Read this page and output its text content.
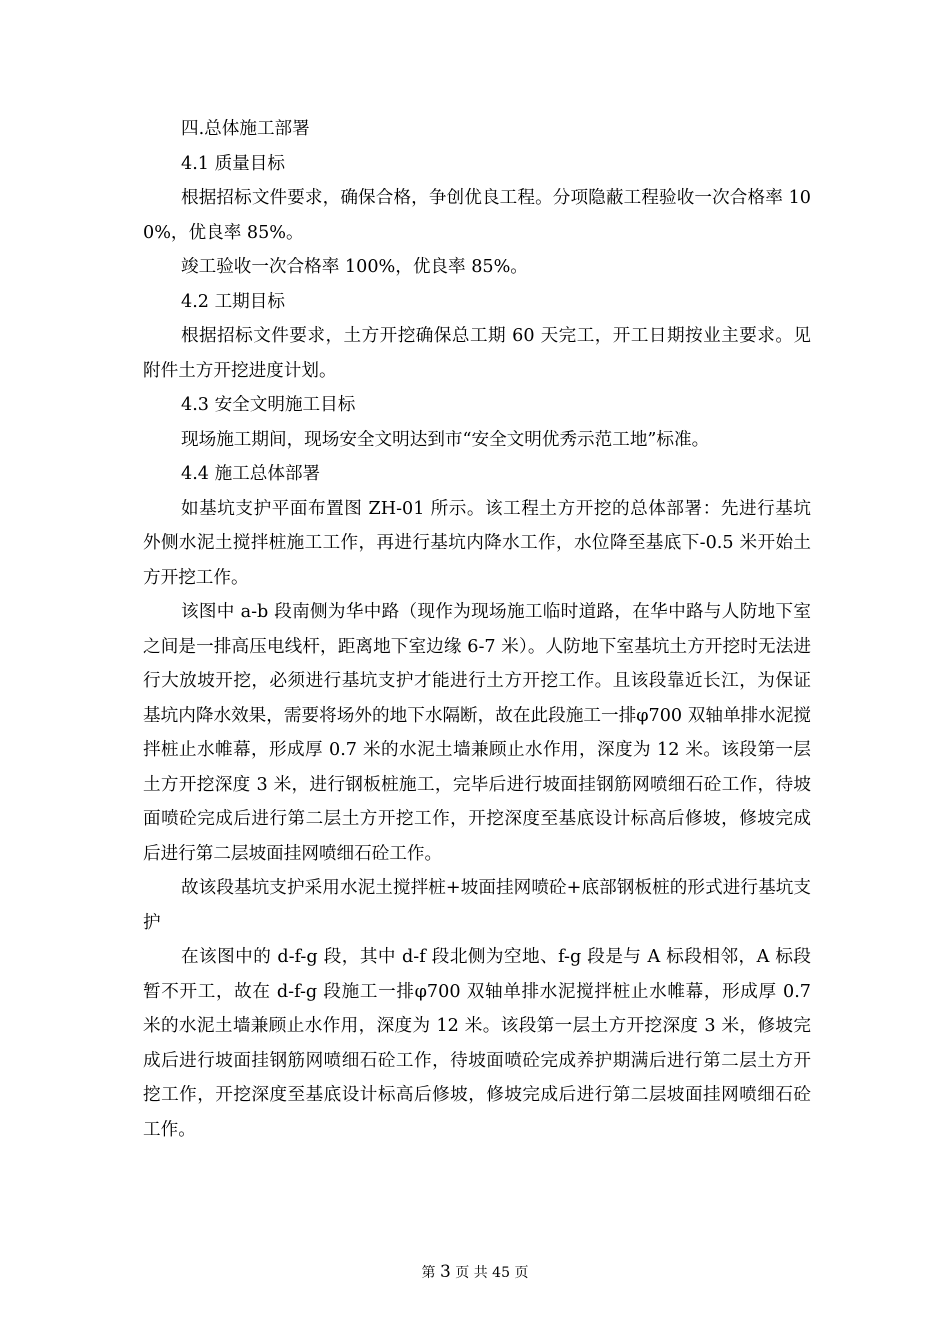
四.总体施工部署

4.1 质量目标

根据招标文件要求，确保合格，争创优良工程。分项隐蔽工程验收一次合格率 100%，优良率 85%。

竣工验收一次合格率 100%，优良率 85%。

4.2 工期目标

根据招标文件要求，土方开挖确保总工期 60 天完工，开工日期按业主要求。见附件土方开挖进度计划。

4.3 安全文明施工目标

现场施工期间，现场安全文明达到市“安全文明优秀示范工地”标准。

4.4 施工总体部署

如基坑支护平面布置图 ZH-01 所示。该工程土方开挖的总体部署：先进行基坑外侧水泥土搅拌桩施工工作，再进行基坑内降水工作，水位降至基底下-0.5 米开始土方开挖工作。

该图中 a-b 段南侧为华中路（现作为现场施工临时道路，在华中路与人防地下室之间是一排高压电线杆，距离地下室边缘 6-7 米）。人防地下室基坑土方开挖时无法进行大放坡开挖，必须进行基坑支护才能进行土方开挖工作。且该段靠近长江，为保证基坑内降水效果，需要将场外的地下水隔断，故在此段施工一排φ700 双轴单排水泥搅拌桩止水帷幕，形成厚 0.7 米的水泥土墙兼顾止水作用，深度为 12 米。该段第一层土方开挖深度 3 米，进行钢板桩施工，完毕后进行坡面挂钢筋网喷细石砼工作，待坡面喷砼完成后进行第二层土方开挖工作，开挖深度至基底设计标高后修坡，修坡完成后进行第二层坡面挂网喷细石砼工作。

故该段基坑支护采用水泥土搅拌桩+坡面挂网喷砼+底部钢板桩的形式进行基坑支护

在该图中的 d-f-g 段，其中 d-f 段北侧为空地、f-g 段是与 A 标段相邻，A 标段暂不开工，故在 d-f-g 段施工一排φ700 双轴单排水泥搅拌桩止水帷幕，形成厚 0.7 米的水泥土墙兼顾止水作用，深度为 12 米。该段第一层土方开挖深度 3 米，修坡完成后进行坡面挂钢筋网喷细石砼工作，待坡面喷砼完成养护期满后进行第二层土方开挖工作，开挖深度至基底设计标高后修坡，修坡完成后进行第二层坡面挂网喷细石砼工作。

第 3 页 共 45 页
